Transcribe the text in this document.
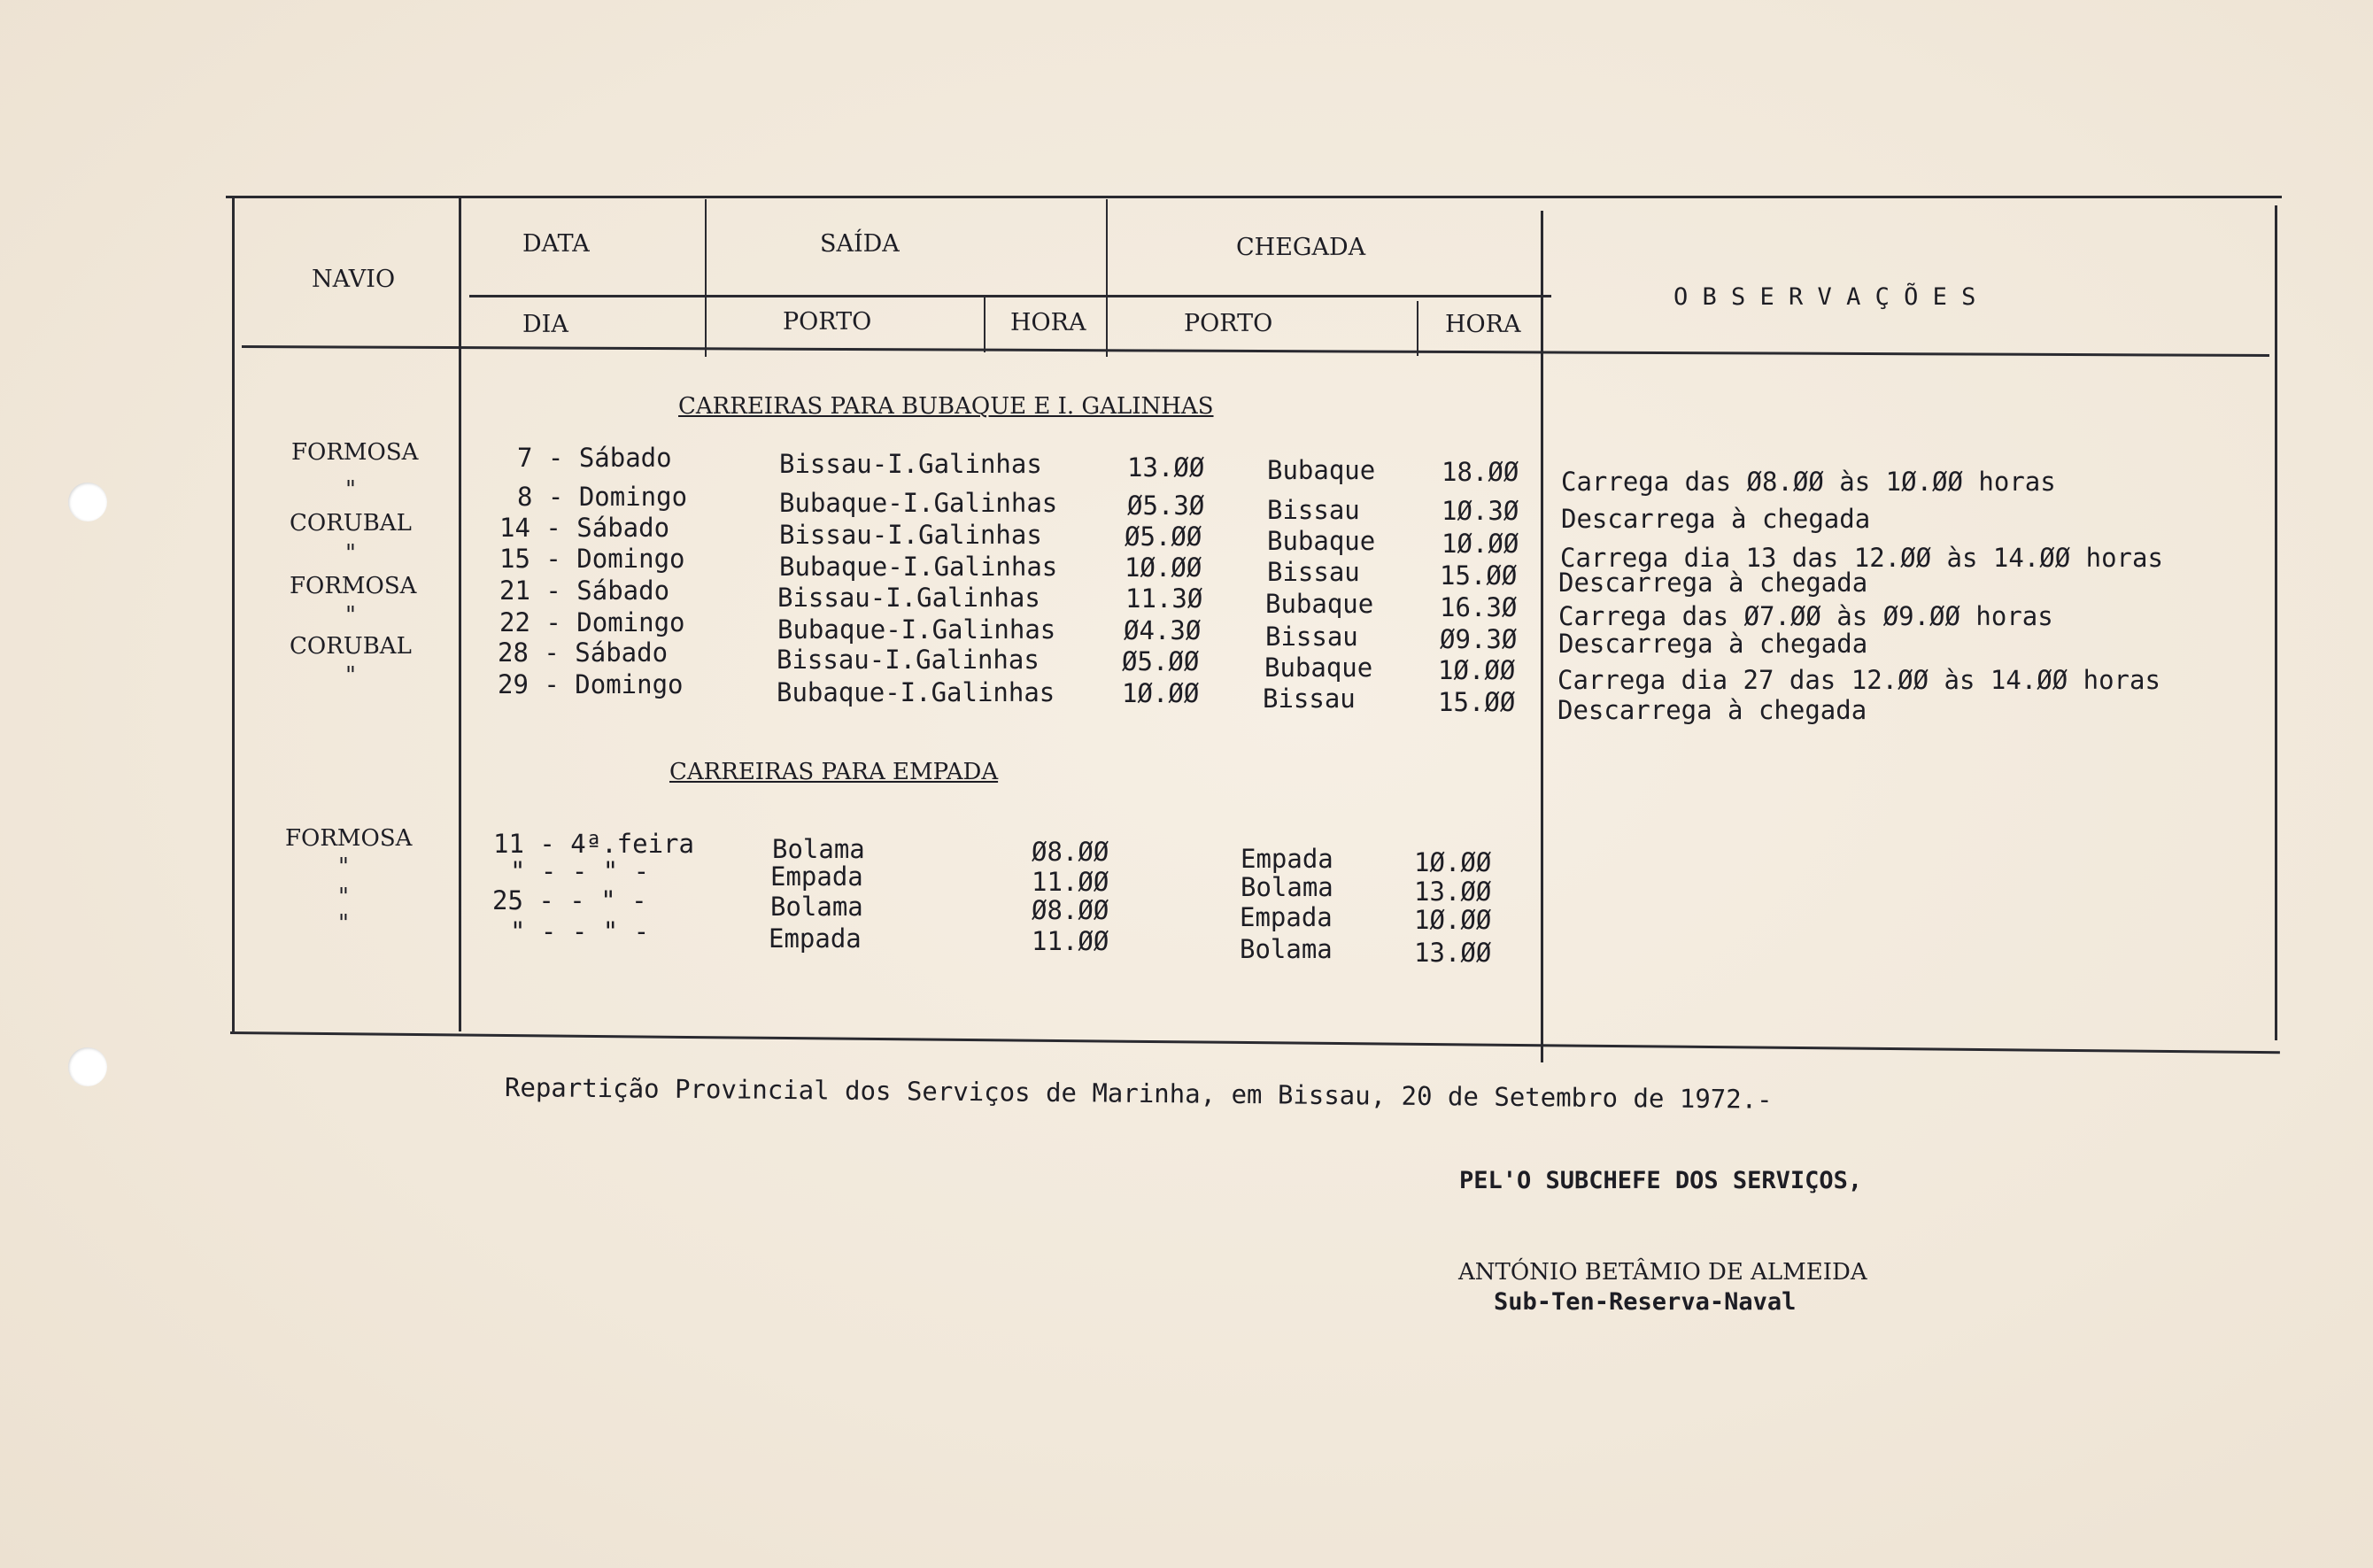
NAVIO
DATA	SAÍDA	CHEGADA
O B S E R V A Ç Õ E S
DIA	PORTO	HORA	PORTO	HORA
CARREIRAS PARA BUBAQUE E I. GALINHAS
FORMOSA	7 - Sábado	Bissau-I.Galinhas	13.ØØ Bubaque	18.ØØ Carrega das Ø8.ØØ às 1Ø.ØØ horas
"	8 - Domingo	Bubaque-I.Galinhas	Ø5.3Ø Bissau	1Ø.3Ø Descarrega à chegada
CORUBAL	14 - Sábado	Bissau-I.Galinhas	Ø5.ØØ	Bubaque	1Ø.ØØ Carrega dia 13 das 12.ØØ às 14.ØØ horas
"	15 - Domingo	Bubaque-I.Galinhas	1Ø.ØØ	Bissau	15.ØØ Descarrega à chegada
FORMOSA	21 - Sábado	Bissau-I.Galinhas	11.3Ø Bubaque	16.3Ø Carrega das Ø7.ØØ às Ø9.ØØ horas
"	22 - Domingo	Bubaque-I.Galinhas	Ø4.3Ø	Bissau	Ø9.3Ø Descarrega à chegada
CORUBAL	28 - Sábado	Bissau-I.Galinhas	Ø5.ØØ	Bubaque	1Ø.ØØ Carrega dia 27 das 12.ØØ às 14.ØØ horas
"	29 - Domingo	Bubaque-I.Galinhas	1Ø.ØØ Bissau	15.ØØ Descarrega à chegada
CARREIRAS PARA EMPADA
FORMOSA	11 - 4ª.feira	Bolama	Ø8.ØØ	Empada	1Ø.ØØ
"	" - - " -	Empada	11.ØØ	Bolama	13.ØØ
"	25 - - " -	Bolama	Ø8.ØØ	Empada	1Ø.ØØ
"	" - - " -	Empada	11.ØØ	Bolama	13.ØØ
Repartição Provincial dos Serviços de Marinha, em Bissau, 20 de Setembro de 1972.-
PEL'O SUBCHEFE DOS SERVIÇOS,
ANTÓNIO BETÂMIO DE ALMEIDA
Sub-Ten-Reserva-Naval
